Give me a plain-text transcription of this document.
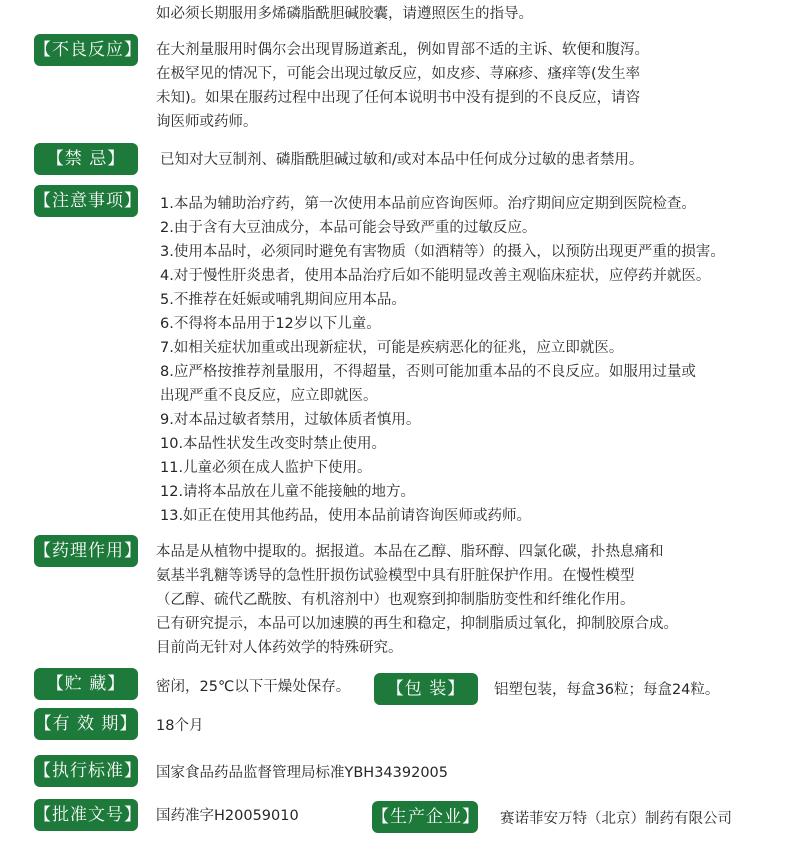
如必须长期服用多烯磷脂酰胆碱胶囊，请遵照医生的指导。
【不良反应】 在大剂量服用时偶尔会出现胃肠道紊乱，例如胃部不适的主诉、软便和腹泻。
在极罕见的情况下，可能会出现过敏反应，如皮疹、荨麻疹、瘙痒等(发生率
未知)。如果在服药过程中出现了任何本说明书中没有提到的不良反应，请咨
询医师或药师。
【禁 忌】	已知对大豆制剂、磷脂酰胆碱过敏和/或对本品中任何成分过敏的患者禁用。
【注意事项】 1.本品为辅助治疗药，第一次使用本品前应咨询医师。治疗期间应定期到医院检查。
2.由于含有大豆油成分，本品可能会导致严重的过敏反应。
3.使用本品时，必须同时避免有害物质（如酒精等）的摄入，以预防出现更严重的损害。
4.对于慢性肝炎患者，使用本品治疗后如不能明显改善主观临床症状，应停药并就医。
5.不推荐在妊娠或哺乳期间应用本品。
6.不得将本品用于12岁以下儿童。
7.如相关症状加重或出现新症状，可能是疾病恶化的征兆，应立即就医。
8.应严格按推荐剂量服用，不得超量，否则可能加重本品的不良反应。如服用过量或
出现严重不良反应，应立即就医。
9.对本品过敏者禁用，过敏体质者慎用。
10.本品性状发生改变时禁止使用。
11.儿童必须在成人监护下使用。
12.请将本品放在儿童不能接触的地方。
13.如正在使用其他药品，使用本品前请咨询医师或药师。
【药理作用】 本品是从植物中提取的。据报道。本品在乙醇、脂环醇、四氯化碳，扑热息痛和
氨基半乳糖等诱导的急性肝损伤试验模型中具有肝脏保护作用。在慢性模型
（乙醇、硫代乙酰胺、有机溶剂中）也观察到抑制脂肪变性和纤维化作用。
已有研究提示，本品可以加速膜的再生和稳定，抑制脂质过氧化，抑制胶原合成。
目前尚无针对人体药效学的特殊研究。
【贮 藏】	密闭，25℃以下干燥处保存。	【包 装】	铝塑包装，每盒36粒；每盒24粒。
【有 效 期】 18个月
【执行标准】 国家食品药品监督管理局标准YBH34392005
【批准文号】 国药准字H20059010	【生产企业】 赛诺菲安万特（北京）制药有限公司
